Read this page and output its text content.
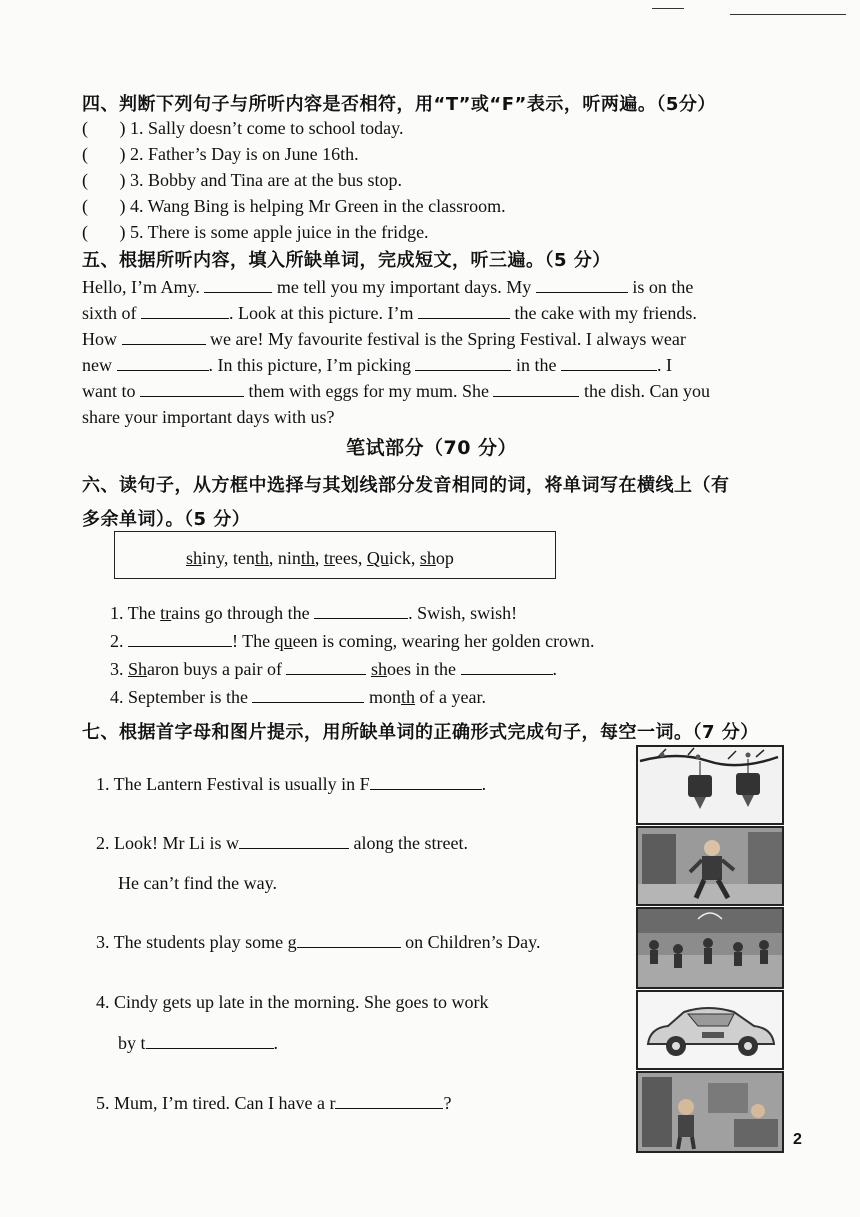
四、判断下列句子与所听内容是否相符，用“T”或“F”表示，听两遍。（5分）
(       ) 1. Sally doesn’t come to school today.
(       ) 2. Father’s Day is on June 16th.
(       ) 3. Bobby and Tina are at the bus stop.
(       ) 4. Wang Bing is helping Mr Green in the classroom.
(       ) 5. There is some apple juice in the fridge.
五、根据所听内容，填入所缺单词，完成短文，听三遍。（5 分）
Hello, I’m Amy.	me tell you my important days. My	is on the
sixth of	. Look at this picture. I’m	the cake with my friends.
How	we are! My favourite festival is the Spring Festival. I always wear
new	. In this picture, I’m picking	in the	. I
want to	them with eggs for my mum. She	the dish. Can you
share your important days with us?
笔试部分（70 分）
六、读句子，从方框中选择与其划线部分发音相同的词，将单词写在横线上（有
多余单词）。（5 分）
shiny, tenth, ninth, trees, Quick, shop
1. The trains go through the	. Swish, swish!
2.	! The queen is coming, wearing her golden crown.
3. Sharon buys a pair of	shoes in the	.
4. September is the	month of a year.
七、根据首字母和图片提示，用所缺单词的正确形式完成句子，每空一词。（7 分）
1. The Lantern Festival is usually in F	.
2. Look! Mr Li is w	along the street.
He can’t find the way.
3. The students play some g	on Children’s Day.
4. Cindy gets up late in the morning. She goes to work
by t	.
5. Mum, I’m tired. Can I have a r	?
2
